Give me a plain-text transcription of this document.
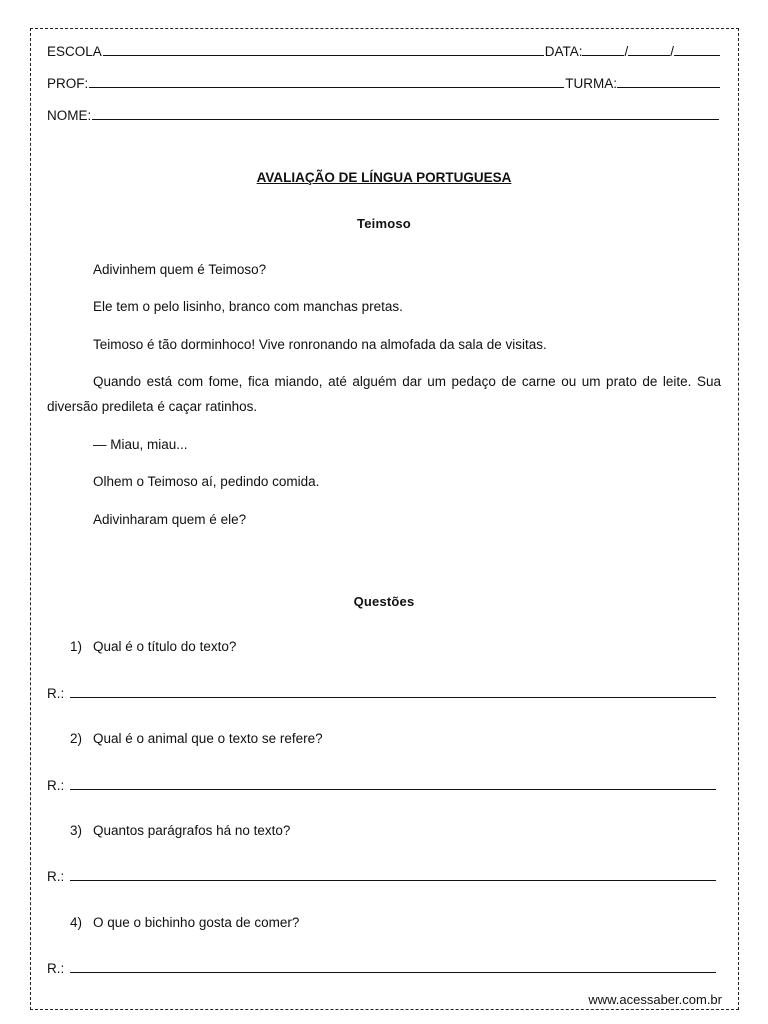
ESCOLA	DATA:	/	/
PROF:	TURMA:
NOME:
AVALIAÇÃO DE LÍNGUA PORTUGUESA
Teimoso
Adivinhem quem é Teimoso?
Ele tem o pelo lisinho, branco com manchas pretas.
Teimoso é tão dorminhoco! Vive ronronando na almofada da sala de visitas.
Quando está com fome, fica miando, até alguém dar um pedaço de carne ou um prato de leite. Sua diversão predileta é caçar ratinhos.
— Miau, miau...
Olhem o Teimoso aí, pedindo comida.
Adivinharam quem é ele?
Questões
1) Qual é o título do texto?
R.:
2) Qual é o animal que o texto se refere?
R.:
3) Quantos parágrafos há no texto?
R.:
4) O que o bichinho gosta de comer?
R.:
www.acessaber.com.br
